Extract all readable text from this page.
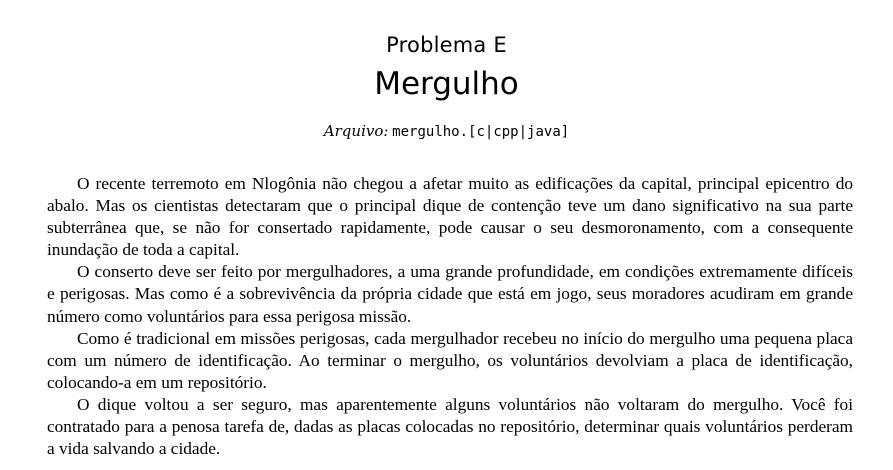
Problema E
Mergulho
Arquivo: mergulho.[c|cpp|java]

O recente terremoto em Nlogônia não chegou a afetar muito as edificações da capital, principal epicentro do abalo. Mas os cientistas detectaram que o principal dique de contenção teve um dano significativo na sua parte subterrânea que, se não for consertado rapidamente, pode causar o seu desmoronamento, com a consequente inundação de toda a capital.

O conserto deve ser feito por mergulhadores, a uma grande profundidade, em condições extremamente difíceis e perigosas. Mas como é a sobrevivência da própria cidade que está em jogo, seus moradores acudiram em grande número como voluntários para essa perigosa missão.

Como é tradicional em missões perigosas, cada mergulhador recebeu no início do mergulho uma pequena placa com um número de identificação. Ao terminar o mergulho, os voluntários devolviam a placa de identificação, colocando-a em um repositório.

O dique voltou a ser seguro, mas aparentemente alguns voluntários não voltaram do mergulho. Você foi contratado para a penosa tarefa de, dadas as placas colocadas no repositório, determinar quais voluntários perderam a vida salvando a cidade.
